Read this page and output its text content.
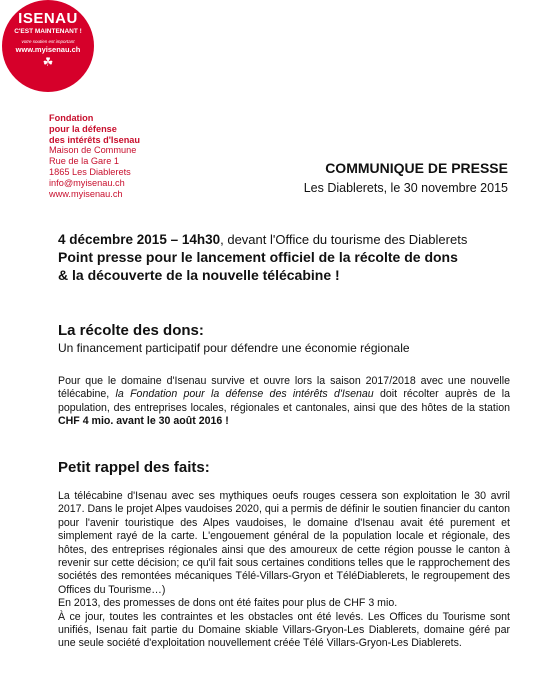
ISENAU
C'EST MAINTENANT !
votre soutien est important
www.myisenau.ch
☘
Fondation
pour la défense
des intérêts d'Isenau
Maison de Commune
Rue de la Gare 1
1865 Les Diablerets
info@myisenau.ch
www.myisenau.ch
COMMUNIQUE DE PRESSE
Les Diablerets, le 30 novembre 2015
4 décembre 2015 – 14h30, devant l'Office du tourisme des Diablerets
Point presse pour le lancement officiel de la récolte de dons
& la découverte de la nouvelle télécabine !
La récolte des dons:
Un financement participatif pour défendre une économie régionale

Pour que le domaine d'Isenau survive et ouvre lors la saison 2017/2018 avec une nouvelle télécabine, la Fondation pour la défense des intérêts d'Isenau doit récolter auprès de la population, des entreprises locales, régionales et cantonales, ainsi que des hôtes de la station CHF 4 mio. avant le 30 août 2016 !

Petit rappel des faits:

La télécabine d'Isenau avec ses mythiques oeufs rouges cessera son exploitation le 30 avril 2017. Dans le projet Alpes vaudoises 2020, qui a permis de définir le soutien financier du canton pour l'avenir touristique des Alpes vaudoises, le domaine d'Isenau avait été purement et simplement rayé de la carte. L'engouement général de la population locale et régionale, des hôtes, des entreprises régionales ainsi que des amoureux de cette région pousse le canton à revenir sur cette décision; ce qu'il fait sous certaines conditions telles que le rapprochement des sociétés des remontées mécaniques Télé-Villars-Gryon et TéléDiablerets, le regroupement des Offices du Tourisme…)

En 2013, des promesses de dons ont été faites pour plus de CHF 3 mio.

À ce jour, toutes les contraintes et les obstacles ont été levés. Les Offices du Tourisme sont unifiés, Isenau fait partie du Domaine skiable Villars-Gryon-Les Diablerets, domaine géré par une seule société d'exploitation nouvellement créée Télé Villars-Gryon-Les Diablerets.
